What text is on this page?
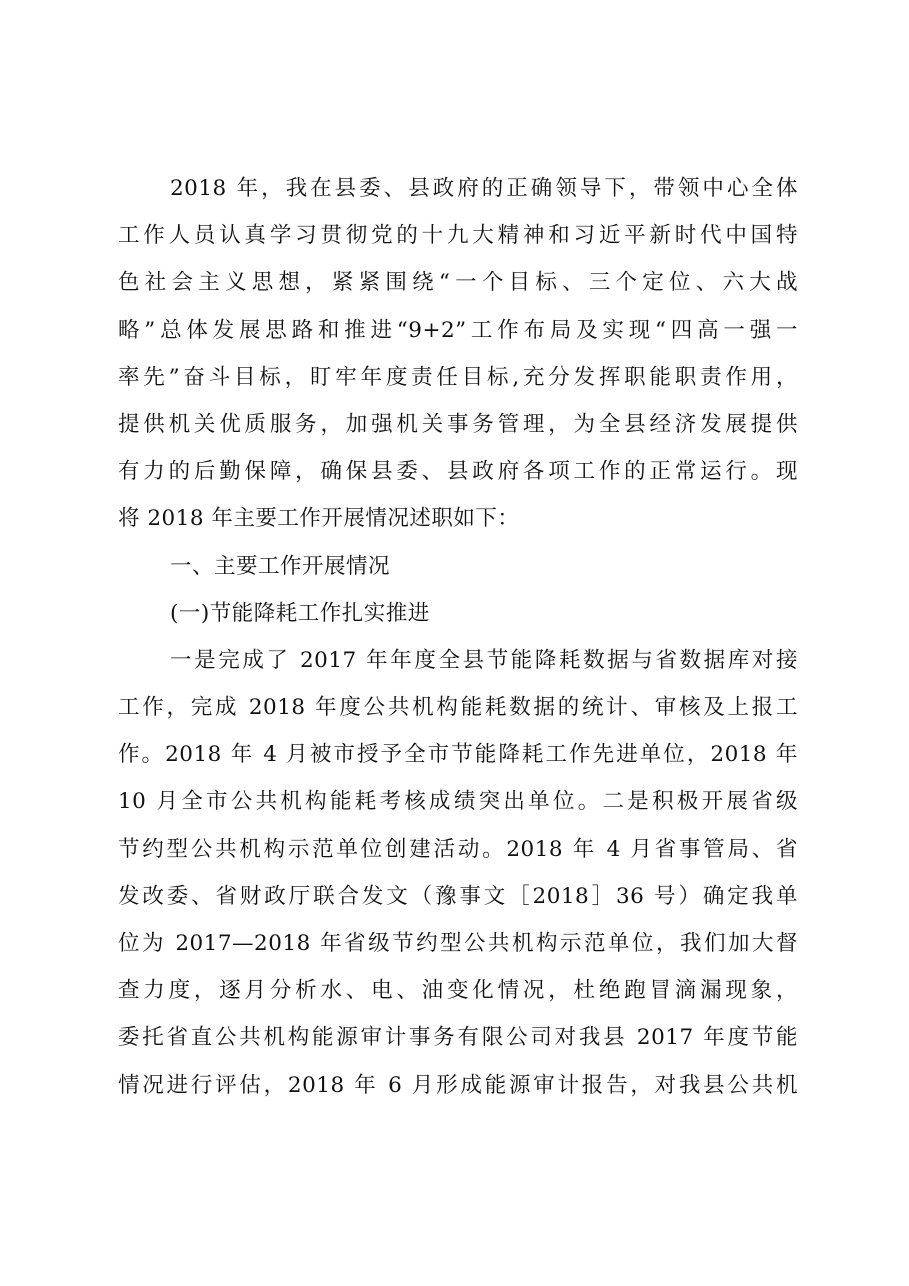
2018 年，我在县委、县政府的正确领导下，带领中心全体
工作人员认真学习贯彻党的十九大精神和习近平新时代中国特
色社会主义思想，紧紧围绕“一个目标、三个定位、六大战
略”总体发展思路和推进“9+2”工作布局及实现“四高一强一
率先”奋斗目标，盯牢年度责任目标,充分发挥职能职责作用，
提供机关优质服务，加强机关事务管理，为全县经济发展提供
有力的后勤保障，确保县委、县政府各项工作的正常运行。现
将 2018 年主要工作开展情况述职如下：
一、主要工作开展情况
(一)节能降耗工作扎实推进
一是完成了 2017 年年度全县节能降耗数据与省数据库对接
工作，完成 2018 年度公共机构能耗数据的统计、审核及上报工
作。2018 年 4 月被市授予全市节能降耗工作先进单位，2018 年
10 月全市公共机构能耗考核成绩突出单位。二是积极开展省级
节约型公共机构示范单位创建活动。2018 年 4 月省事管局、省
发改委、省财政厅联合发文（豫事文［2018］36 号）确定我单
位为 2017—2018 年省级节约型公共机构示范单位，我们加大督
查力度，逐月分析水、电、油变化情况，杜绝跑冒滴漏现象，
委托省直公共机构能源审计事务有限公司对我县 2017 年度节能
情况进行评估，2018 年 6 月形成能源审计报告，对我县公共机
